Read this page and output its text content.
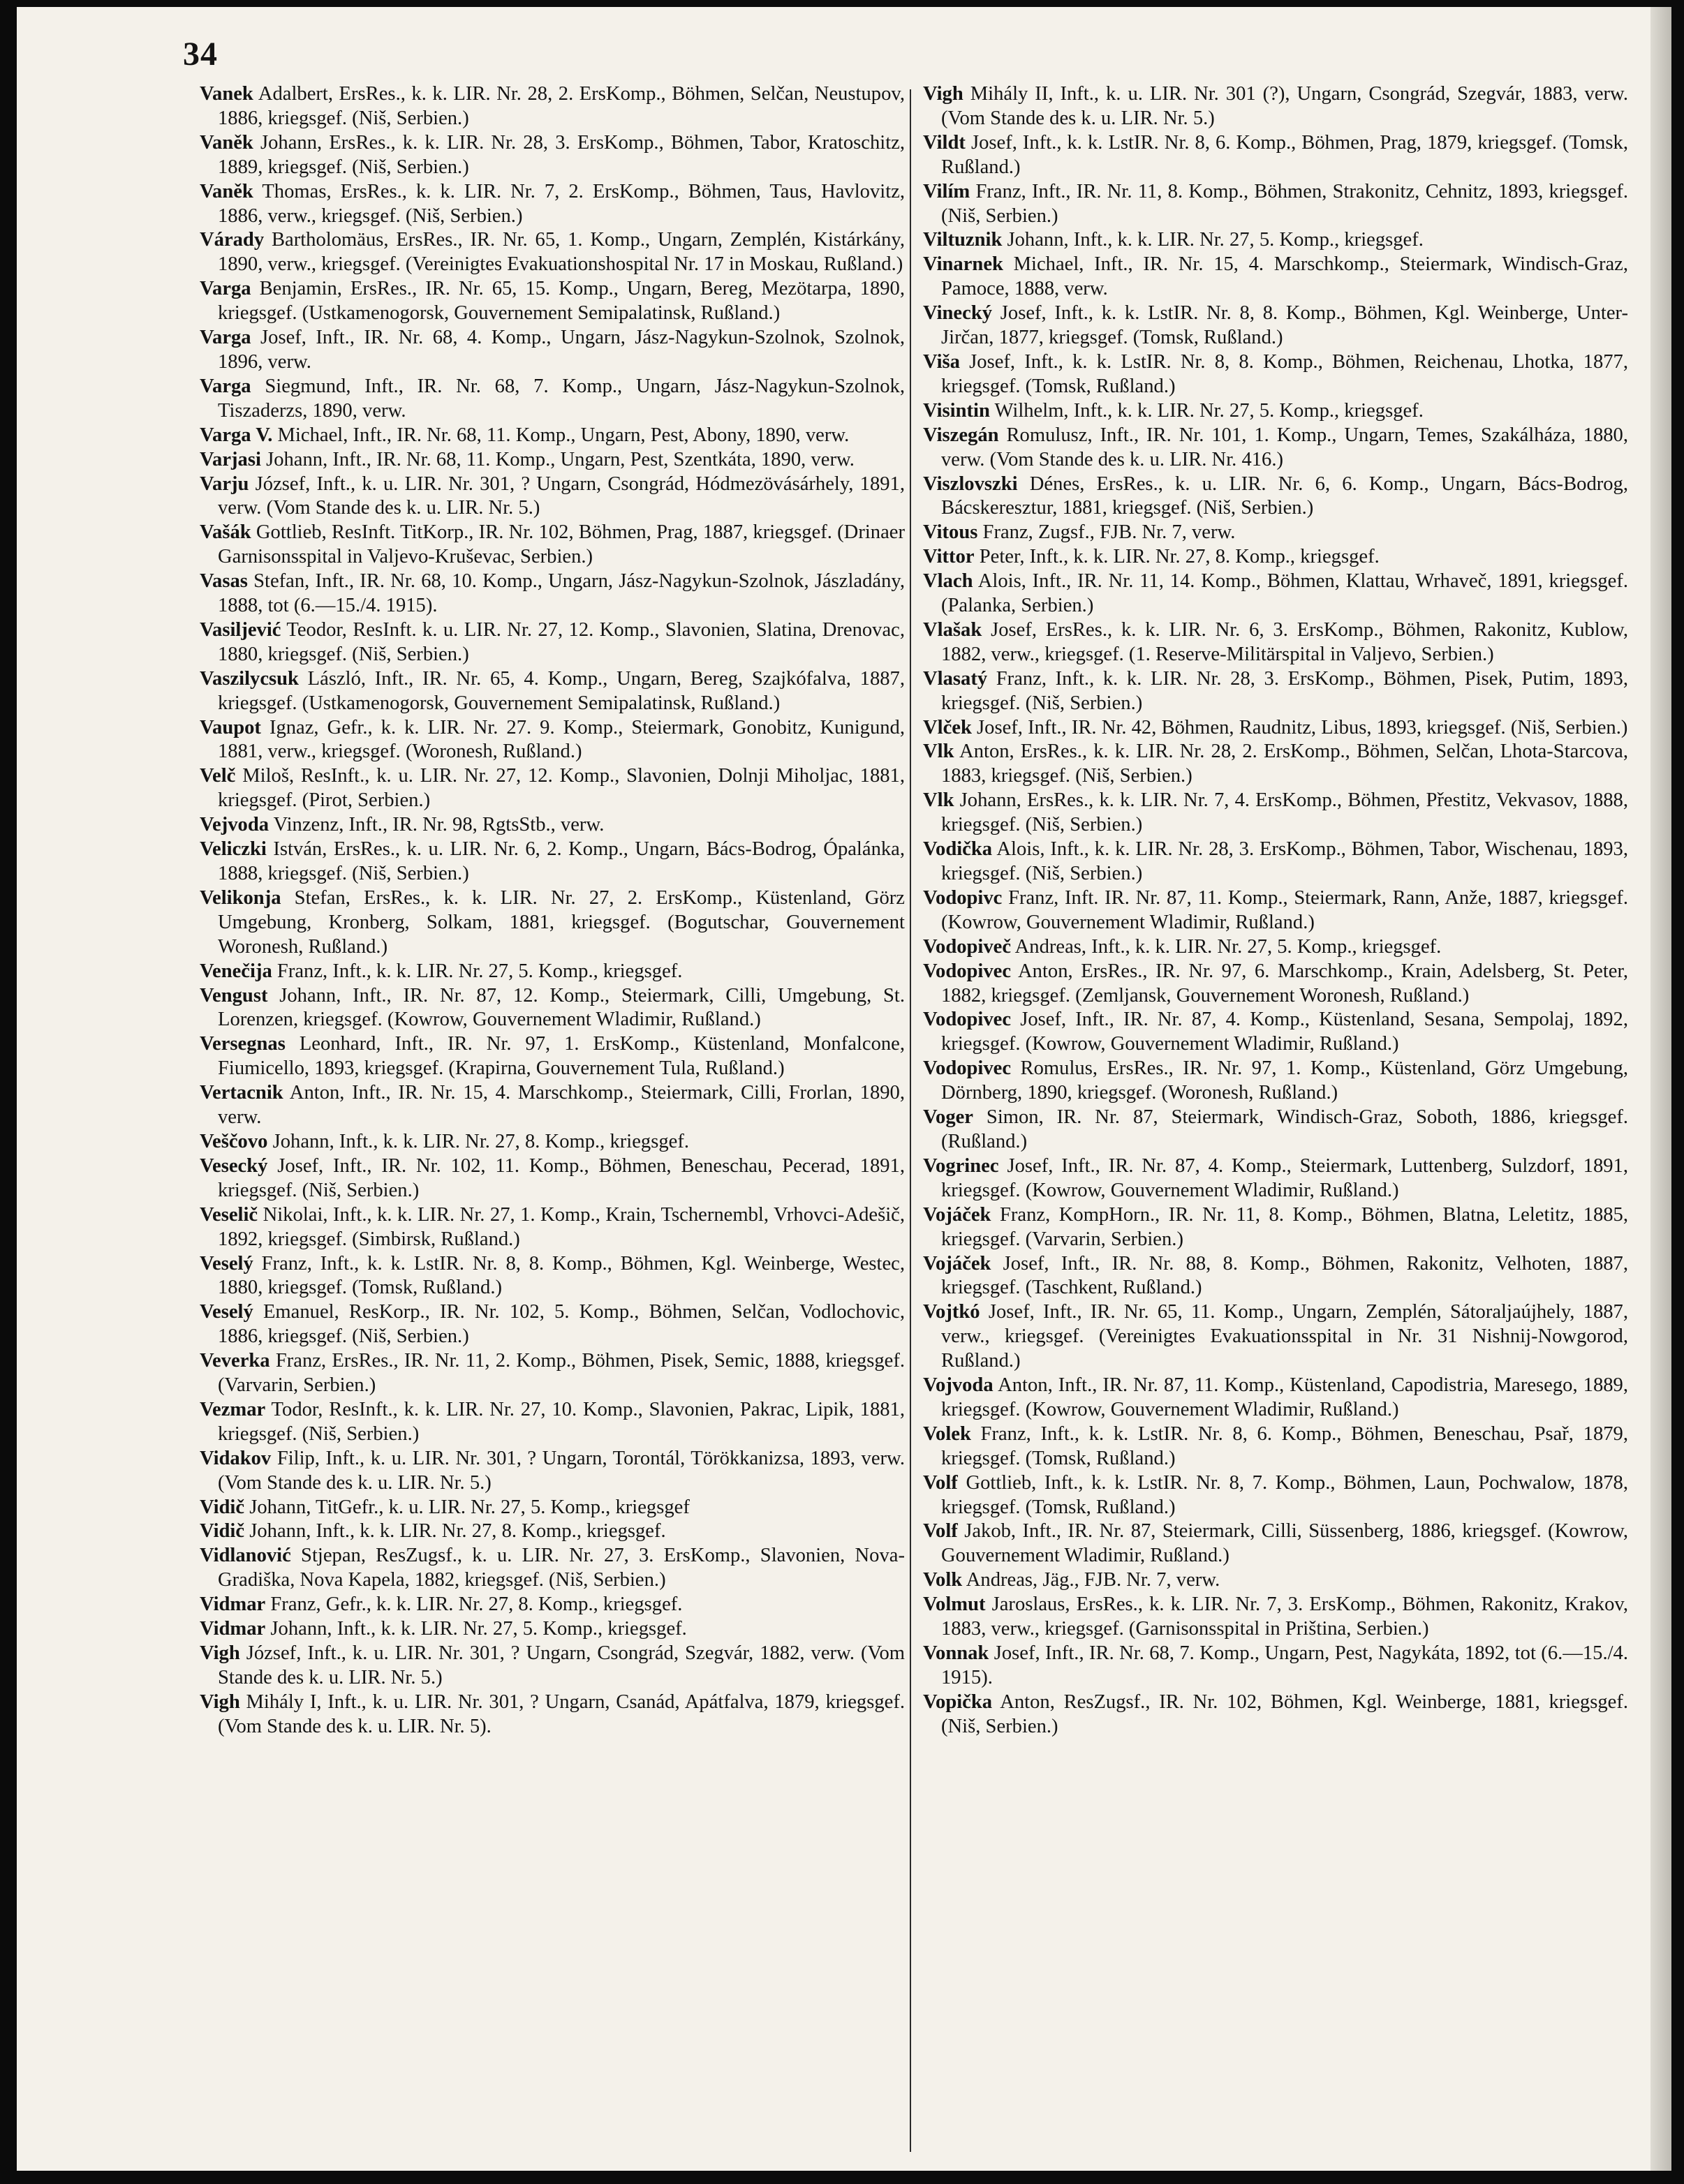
34

Vanek Adalbert, ErsRes., k. k. LIR. Nr. 28, 2. ErsKomp., Böhmen, Selčan, Neustupov, 1886, kriegsgef. (Niš, Serbien.)

Vaněk Johann, ErsRes., k. k. LIR. Nr. 28, 3. ErsKomp., Böhmen, Tabor, Kratoschitz, 1889, kriegsgef. (Niš, Serbien.)

Vaněk Thomas, ErsRes., k. k. LIR. Nr. 7, 2. ErsKomp., Böhmen, Taus, Havlovitz, 1886, verw., kriegsgef. (Niš, Serbien.)

Várady Bartholomäus, ErsRes., IR. Nr. 65, 1. Komp., Ungarn, Zemplén, Kistárkány, 1890, verw., kriegsgef. (Vereinigtes Evakuationshospital Nr. 17 in Moskau, Rußland.)

Varga Benjamin, ErsRes., IR. Nr. 65, 15. Komp., Ungarn, Bereg, Mezötarpa, 1890, kriegsgef. (Ustkamenogorsk, Gouvernement Semipalatinsk, Rußland.)

Varga Josef, Inft., IR. Nr. 68, 4. Komp., Ungarn, Jász-Nagykun-Szolnok, Szolnok, 1896, verw.

Varga Siegmund, Inft., IR. Nr. 68, 7. Komp., Ungarn, Jász-Nagykun-Szolnok, Tiszaderzs, 1890, verw.

Varga V. Michael, Inft., IR. Nr. 68, 11. Komp., Ungarn, Pest, Abony, 1890, verw.

Varjasi Johann, Inft., IR. Nr. 68, 11. Komp., Ungarn, Pest, Szentkáta, 1890, verw.

Varju József, Inft., k. u. LIR. Nr. 301, ? Ungarn, Csongrád, Hódmezövásárhely, 1891, verw. (Vom Stande des k. u. LIR. Nr. 5.)

Vašák Gottlieb, ResInft. TitKorp., IR. Nr. 102, Böhmen, Prag, 1887, kriegsgef. (Drinaer Garnisonsspital in Valjevo-Kruševac, Serbien.)

Vasas Stefan, Inft., IR. Nr. 68, 10. Komp., Ungarn, Jász-Nagykun-Szolnok, Jászladány, 1888, tot (6.—15./4. 1915).

Vasiljević Teodor, ResInft. k. u. LIR. Nr. 27, 12. Komp., Slavonien, Slatina, Drenovac, 1880, kriegsgef. (Niš, Serbien.)

Vaszilycsuk László, Inft., IR. Nr. 65, 4. Komp., Ungarn, Bereg, Szajkófalva, 1887, kriegsgef. (Ustkamenogorsk, Gouvernement Semipalatinsk, Rußland.)

Vaupot Ignaz, Gefr., k. k. LIR. Nr. 27. 9. Komp., Steiermark, Gonobitz, Kunigund, 1881, verw., kriegsgef. (Woronesh, Rußland.)

Velč Miloš, ResInft., k. u. LIR. Nr. 27, 12. Komp., Slavonien, Dolnji Miholjac, 1881, kriegsgef. (Pirot, Serbien.)

Vejvoda Vinzenz, Inft., IR. Nr. 98, RgtsStb., verw.

Veliczki István, ErsRes., k. u. LIR. Nr. 6, 2. Komp., Ungarn, Bács-Bodrog, Ópalánka, 1888, kriegsgef. (Niš, Serbien.)

Velikonja Stefan, ErsRes., k. k. LIR. Nr. 27, 2. ErsKomp., Küstenland, Görz Umgebung, Kronberg, Solkam, 1881, kriegsgef. (Bogutschar, Gouvernement Woronesh, Rußland.)

Venečija Franz, Inft., k. k. LIR. Nr. 27, 5. Komp., kriegsgef.

Vengust Johann, Inft., IR. Nr. 87, 12. Komp., Steiermark, Cilli, Umgebung, St. Lorenzen, kriegsgef. (Kowrow, Gouvernement Wladimir, Rußland.)

Versegnas Leonhard, Inft., IR. Nr. 97, 1. ErsKomp., Küstenland, Monfalcone, Fiumicello, 1893, kriegsgef. (Krapirna, Gouvernement Tula, Rußland.)

Vertacnik Anton, Inft., IR. Nr. 15, 4. Marschkomp., Steiermark, Cilli, Frorlan, 1890, verw.

Veščovo Johann, Inft., k. k. LIR. Nr. 27, 8. Komp., kriegsgef.

Vesecký Josef, Inft., IR. Nr. 102, 11. Komp., Böhmen, Beneschau, Pecerad, 1891, kriegsgef. (Niš, Serbien.)

Veselič Nikolai, Inft., k. k. LIR. Nr. 27, 1. Komp., Krain, Tschernembl, Vrhovci-Adešič, 1892, kriegsgef. (Simbirsk, Rußland.)

Veselý Franz, Inft., k. k. LstIR. Nr. 8, 8. Komp., Böhmen, Kgl. Weinberge, Westec, 1880, kriegsgef. (Tomsk, Rußland.)

Veselý Emanuel, ResKorp., IR. Nr. 102, 5. Komp., Böhmen, Selčan, Vodlochovic, 1886, kriegsgef. (Niš, Serbien.)

Veverka Franz, ErsRes., IR. Nr. 11, 2. Komp., Böhmen, Pisek, Semic, 1888, kriegsgef. (Varvarin, Serbien.)

Vezmar Todor, ResInft., k. k. LIR. Nr. 27, 10. Komp., Slavonien, Pakrac, Lipik, 1881, kriegsgef. (Niš, Serbien.)

Vidakov Filip, Inft., k. u. LIR. Nr. 301, ? Ungarn, Torontál, Törökkanizsa, 1893, verw. (Vom Stande des k. u. LIR. Nr. 5.)

Vidič Johann, TitGefr., k. u. LIR. Nr. 27, 5. Komp., kriegsgef

Vidič Johann, Inft., k. k. LIR. Nr. 27, 8. Komp., kriegsgef.

Vidlanović Stjepan, ResZugsf., k. u. LIR. Nr. 27, 3. ErsKomp., Slavonien, Nova-Gradiška, Nova Kapela, 1882, kriegsgef. (Niš, Serbien.)

Vidmar Franz, Gefr., k. k. LIR. Nr. 27, 8. Komp., kriegsgef.

Vidmar Johann, Inft., k. k. LIR. Nr. 27, 5. Komp., kriegsgef.

Vigh József, Inft., k. u. LIR. Nr. 301, ? Ungarn, Csongrád, Szegvár, 1882, verw. (Vom Stande des k. u. LIR. Nr. 5.)

Vigh Mihály I, Inft., k. u. LIR. Nr. 301, ? Ungarn, Csanád, Apátfalva, 1879, kriegsgef. (Vom Stande des k. u. LIR. Nr. 5).

Vigh Mihály II, Inft., k. u. LIR. Nr. 301 (?), Ungarn, Csongrád, Szegvár, 1883, verw. (Vom Stande des k. u. LIR. Nr. 5.)

Vildt Josef, Inft., k. k. LstIR. Nr. 8, 6. Komp., Böhmen, Prag, 1879, kriegsgef. (Tomsk, Rußland.)

Vilím Franz, Inft., IR. Nr. 11, 8. Komp., Böhmen, Strakonitz, Cehnitz, 1893, kriegsgef. (Niš, Serbien.)

Viltuznik Johann, Inft., k. k. LIR. Nr. 27, 5. Komp., kriegsgef.

Vinarnek Michael, Inft., IR. Nr. 15, 4. Marschkomp., Steiermark, Windisch-Graz, Pamoce, 1888, verw.

Vinecký Josef, Inft., k. k. LstIR. Nr. 8, 8. Komp., Böhmen, Kgl. Weinberge, Unter-Jirčan, 1877, kriegsgef. (Tomsk, Rußland.)

Viša Josef, Inft., k. k. LstIR. Nr. 8, 8. Komp., Böhmen, Reichenau, Lhotka, 1877, kriegsgef. (Tomsk, Rußland.)

Visintin Wilhelm, Inft., k. k. LIR. Nr. 27, 5. Komp., kriegsgef.

Viszegán Romulusz, Inft., IR. Nr. 101, 1. Komp., Ungarn, Temes, Szakálháza, 1880, verw. (Vom Stande des k. u. LIR. Nr. 416.)

Viszlovszki Dénes, ErsRes., k. u. LIR. Nr. 6, 6. Komp., Ungarn, Bács-Bodrog, Bácskeresztur, 1881, kriegsgef. (Niš, Serbien.)

Vitous Franz, Zugsf., FJB. Nr. 7, verw.

Vittor Peter, Inft., k. k. LIR. Nr. 27, 8. Komp., kriegsgef.

Vlach Alois, Inft., IR. Nr. 11, 14. Komp., Böhmen, Klattau, Wrhaveč, 1891, kriegsgef. (Palanka, Serbien.)

Vlašak Josef, ErsRes., k. k. LIR. Nr. 6, 3. ErsKomp., Böhmen, Rakonitz, Kublow, 1882, verw., kriegsgef. (1. Reserve-Militärspital in Valjevo, Serbien.)

Vlasatý Franz, Inft., k. k. LIR. Nr. 28, 3. ErsKomp., Böhmen, Pisek, Putim, 1893, kriegsgef. (Niš, Serbien.)

Vlček Josef, Inft., IR. Nr. 42, Böhmen, Raudnitz, Libus, 1893, kriegsgef. (Niš, Serbien.)

Vlk Anton, ErsRes., k. k. LIR. Nr. 28, 2. ErsKomp., Böhmen, Selčan, Lhota-Starcova, 1883, kriegsgef. (Niš, Serbien.)

Vlk Johann, ErsRes., k. k. LIR. Nr. 7, 4. ErsKomp., Böhmen, Přestitz, Vekvasov, 1888, kriegsgef. (Niš, Serbien.)

Vodička Alois, Inft., k. k. LIR. Nr. 28, 3. ErsKomp., Böhmen, Tabor, Wischenau, 1893, kriegsgef. (Niš, Serbien.)

Vodopivc Franz, Inft. IR. Nr. 87, 11. Komp., Steiermark, Rann, Anže, 1887, kriegsgef. (Kowrow, Gouvernement Wladimir, Rußland.)

Vodopiveč Andreas, Inft., k. k. LIR. Nr. 27, 5. Komp., kriegsgef.

Vodopivec Anton, ErsRes., IR. Nr. 97, 6. Marschkomp., Krain, Adelsberg, St. Peter, 1882, kriegsgef. (Zemljansk, Gouvernement Woronesh, Rußland.)

Vodopivec Josef, Inft., IR. Nr. 87, 4. Komp., Küstenland, Sesana, Sempolaj, 1892, kriegsgef. (Kowrow, Gouvernement Wladimir, Rußland.)

Vodopivec Romulus, ErsRes., IR. Nr. 97, 1. Komp., Küstenland, Görz Umgebung, Dörnberg, 1890, kriegsgef. (Woronesh, Rußland.)

Voger Simon, IR. Nr. 87, Steiermark, Windisch-Graz, Soboth, 1886, kriegsgef. (Rußland.)

Vogrinec Josef, Inft., IR. Nr. 87, 4. Komp., Steiermark, Luttenberg, Sulzdorf, 1891, kriegsgef. (Kowrow, Gouvernement Wladimir, Rußland.)

Vojáček Franz, KompHorn., IR. Nr. 11, 8. Komp., Böhmen, Blatna, Leletitz, 1885, kriegsgef. (Varvarin, Serbien.)

Vojáček Josef, Inft., IR. Nr. 88, 8. Komp., Böhmen, Rakonitz, Velhoten, 1887, kriegsgef. (Taschkent, Rußland.)

Vojtkó Josef, Inft., IR. Nr. 65, 11. Komp., Ungarn, Zemplén, Sátoraljaújhely, 1887, verw., kriegsgef. (Vereinigtes Evakuationsspital in Nr. 31 Nishnij-Nowgorod, Rußland.)

Vojvoda Anton, Inft., IR. Nr. 87, 11. Komp., Küstenland, Capodistria, Maresego, 1889, kriegsgef. (Kowrow, Gouvernement Wladimir, Rußland.)

Volek Franz, Inft., k. k. LstIR. Nr. 8, 6. Komp., Böhmen, Beneschau, Psař, 1879, kriegsgef. (Tomsk, Rußland.)

Volf Gottlieb, Inft., k. k. LstIR. Nr. 8, 7. Komp., Böhmen, Laun, Pochwalow, 1878, kriegsgef. (Tomsk, Rußland.)

Volf Jakob, Inft., IR. Nr. 87, Steiermark, Cilli, Süssenberg, 1886, kriegsgef. (Kowrow, Gouvernement Wladimir, Rußland.)

Volk Andreas, Jäg., FJB. Nr. 7, verw.

Volmut Jaroslaus, ErsRes., k. k. LIR. Nr. 7, 3. ErsKomp., Böhmen, Rakonitz, Krakov, 1883, verw., kriegsgef. (Garnisonsspital in Priština, Serbien.)

Vonnak Josef, Inft., IR. Nr. 68, 7. Komp., Ungarn, Pest, Nagykáta, 1892, tot (6.—15./4. 1915).

Vopička Anton, ResZugsf., IR. Nr. 102, Böhmen, Kgl. Weinberge, 1881, kriegsgef. (Niš, Serbien.)
